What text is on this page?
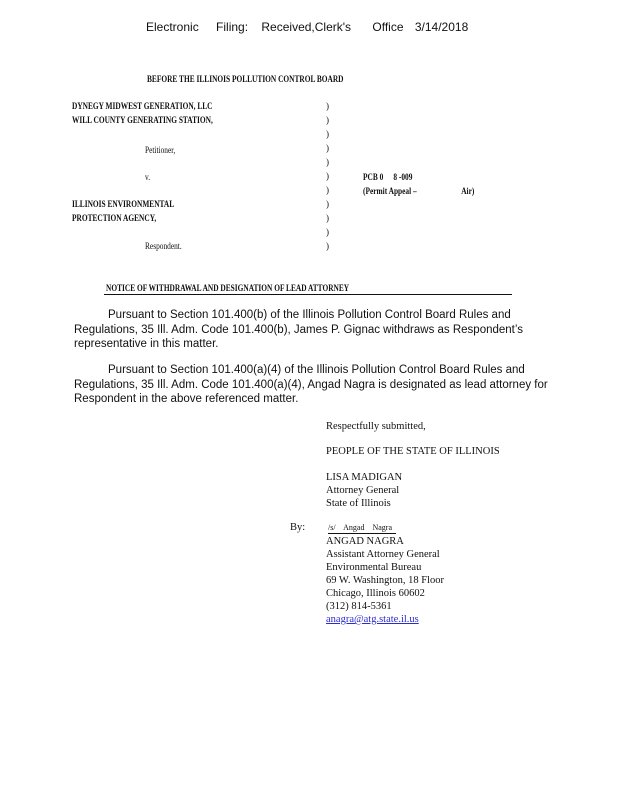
Electronic Filing: Received,Clerk's Office 3/14/2018
BEFORE THE ILLINOIS POLLUTION CONTROL BOARD
DYNEGY MIDWEST GENERATION, LLC
WILL COUNTY GENERATING STATION,
Petitioner,
v.
ILLINOIS ENVIRONMENTAL
PROTECTION AGENCY,
Respondent.
)
)
)
)
)
)
)
)
)
)
)
PCB 0 8 -009
(Permit Appeal –	Air)
NOTICE OF WITHDRAWAL AND DESIGNATION OF LEAD ATTORNEY
Pursuant to Section 101.400(b) of the Illinois Pollution Control Board Rules and Regulations, 35 Ill. Adm. Code 101.400(b), James P. Gignac withdraws as Respondent’s representative in this matter.
Pursuant to Section 101.400(a)(4) of the Illinois Pollution Control Board Rules and Regulations, 35 Ill. Adm. Code 101.400(a)(4), Angad Nagra is designated as lead attorney for Respondent in the above referenced matter.
Respectfully submitted,
PEOPLE OF THE STATE OF ILLINOIS
LISA MADIGAN
Attorney General
State of Illinois
By:	/s/    Angad    Nagra
ANGAD NAGRA
Assistant Attorney General
Environmental Bureau
69 W. Washington, 18 Floor
Chicago, Illinois 60602
(312) 814-5361
anagra@atg.state.il.us
